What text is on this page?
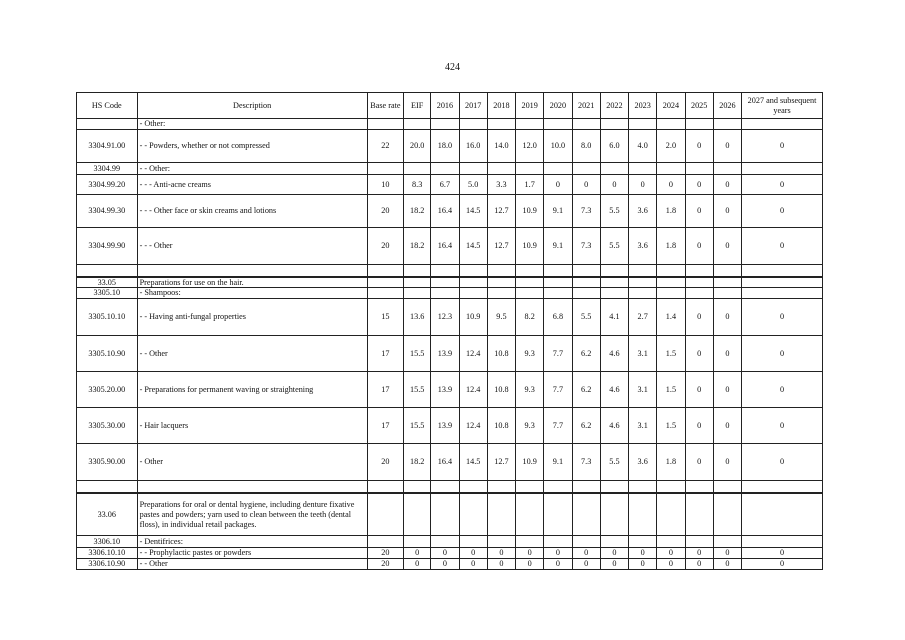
424
HS Code	Description	Base rate	EIF	2016	2017	2018	2019	2020	2021	2022	2023	2024	2025	2026	2027 and subsequent years
	- Other:														
3304.91.00	- - Powders, whether or not compressed	22	20.0	18.0	16.0	14.0	12.0	10.0	8.0	6.0	4.0	2.0	0	0	0
3304.99	- - Other:														
3304.99.20	- - - Anti-acne creams	10	8.3	6.7	5.0	3.3	1.7	0	0	0	0	0	0	0	0
3304.99.30	- - - Other face or skin creams and lotions	20	18.2	16.4	14.5	12.7	10.9	9.1	7.3	5.5	3.6	1.8	0	0	0
3304.99.90	- - - Other	20	18.2	16.4	14.5	12.7	10.9	9.1	7.3	5.5	3.6	1.8	0	0	0

33.05	Preparations for use on the hair.														
3305.10	- Shampoos:														
3305.10.10	- - Having anti-fungal properties	15	13.6	12.3	10.9	9.5	8.2	6.8	5.5	4.1	2.7	1.4	0	0	0
3305.10.90	- - Other	17	15.5	13.9	12.4	10.8	9.3	7.7	6.2	4.6	3.1	1.5	0	0	0
3305.20.00	- Preparations for permanent waving or straightening	17	15.5	13.9	12.4	10.8	9.3	7.7	6.2	4.6	3.1	1.5	0	0	0
3305.30.00	- Hair lacquers	17	15.5	13.9	12.4	10.8	9.3	7.7	6.2	4.6	3.1	1.5	0	0	0
3305.90.00	- Other	20	18.2	16.4	14.5	12.7	10.9	9.1	7.3	5.5	3.6	1.8	0	0	0

33.06	Preparations for oral or dental hygiene, including denture fixative pastes and powders; yarn used to clean between the teeth (dental floss), in individual retail packages.														
3306.10	- Dentifrices:														
3306.10.10	- - Prophylactic pastes or powders	20	0	0	0	0	0	0	0	0	0	0	0	0	0
3306.10.90	- - Other	20	0	0	0	0	0	0	0	0	0	0	0	0	0
